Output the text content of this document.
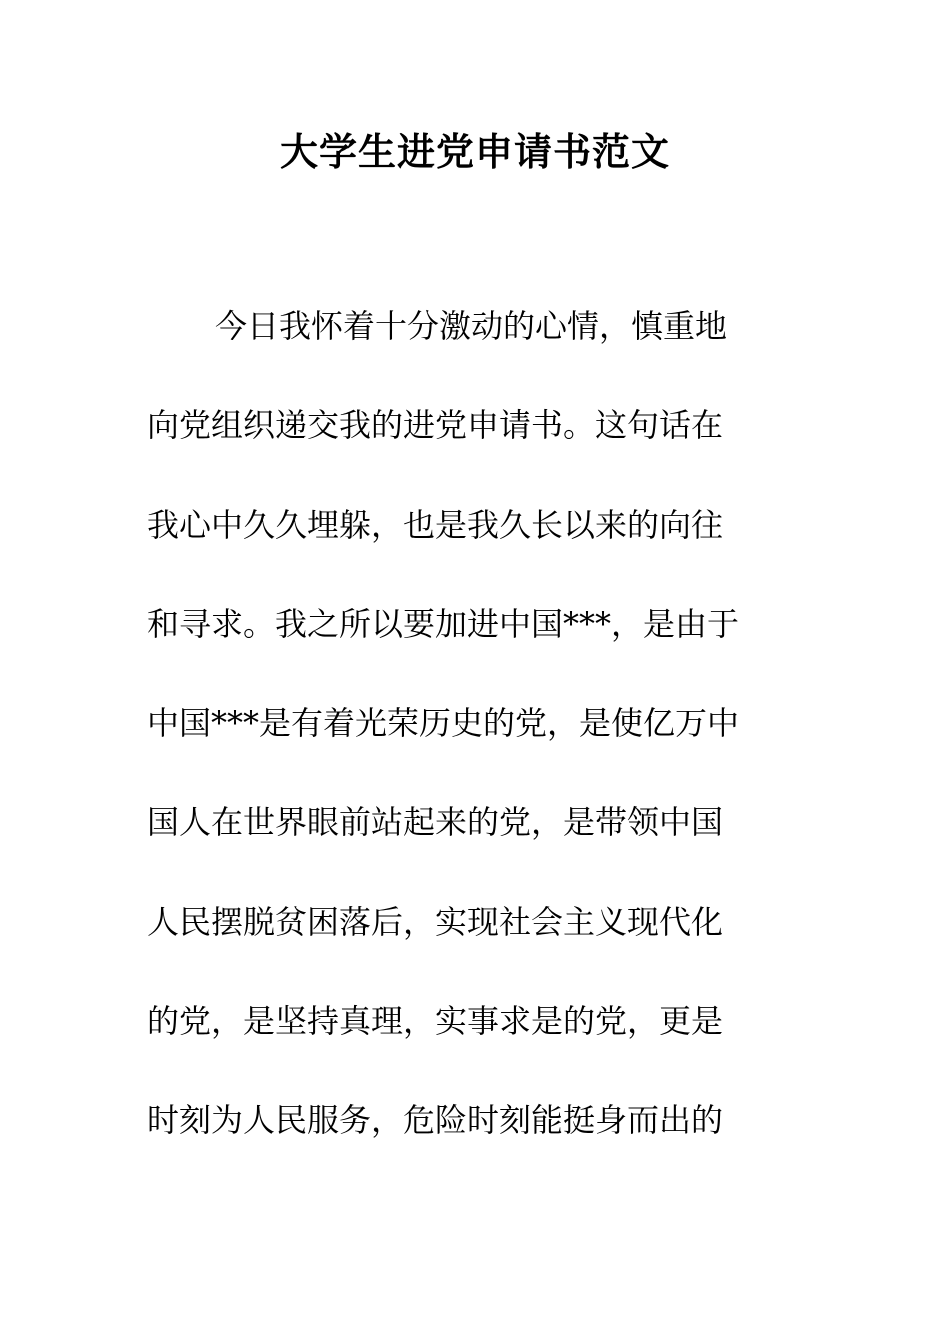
大学生进党申请书范文

今日我怀着十分激动的心情，慎重地

向党组织递交我的进党申请书。这句话在

我心中久久埋躲，也是我久长以来的向往

和寻求。我之所以要加进中国***，是由于

中国***是有着光荣历史的党，是使亿万中

国人在世界眼前站起来的党，是带领中国

人民摆脱贫困落后，实现社会主义现代化

的党，是坚持真理，实事求是的党，更是

时刻为人民服务，危险时刻能挺身而出的
